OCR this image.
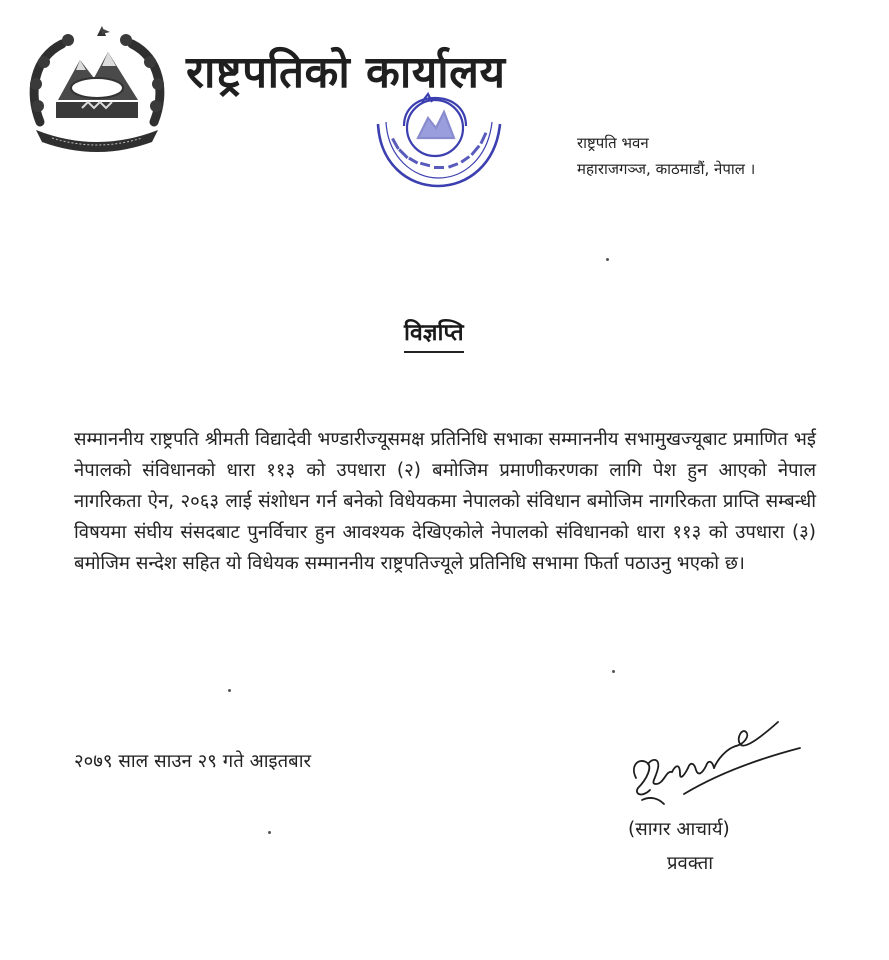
राष्ट्रपतिको कार्यालय
राष्ट्रपति भवन
महाराजगञ्ज, काठमाडौं, नेपाल ।
विज्ञप्ति
सम्माननीय राष्ट्रपति श्रीमती विद्यादेवी भण्डारीज्यूसमक्ष प्रतिनिधि सभाका सम्माननीय सभामुखज्यूबाट प्रमाणित भई नेपालको संविधानको धारा ११३ को उपधारा (२) बमोजिम प्रमाणीकरणका लागि पेश हुन आएको नेपाल नागरिकता ऐन, २०६३ लाई संशोधन गर्न बनेको विधेयकमा नेपालको संविधान बमोजिम नागरिकता प्राप्ति सम्बन्धी विषयमा संघीय संसदबाट पुनर्विचार हुन आवश्यक देखिएकोले नेपालको संविधानको धारा ११३ को उपधारा (३) बमोजिम सन्देश सहित यो विधेयक सम्माननीय राष्ट्रपतिज्यूले प्रतिनिधि सभामा फिर्ता पठाउनु भएको छ।
२०७९ साल साउन २९ गते आइतबार
(सागर आचार्य)
प्रवक्ता
